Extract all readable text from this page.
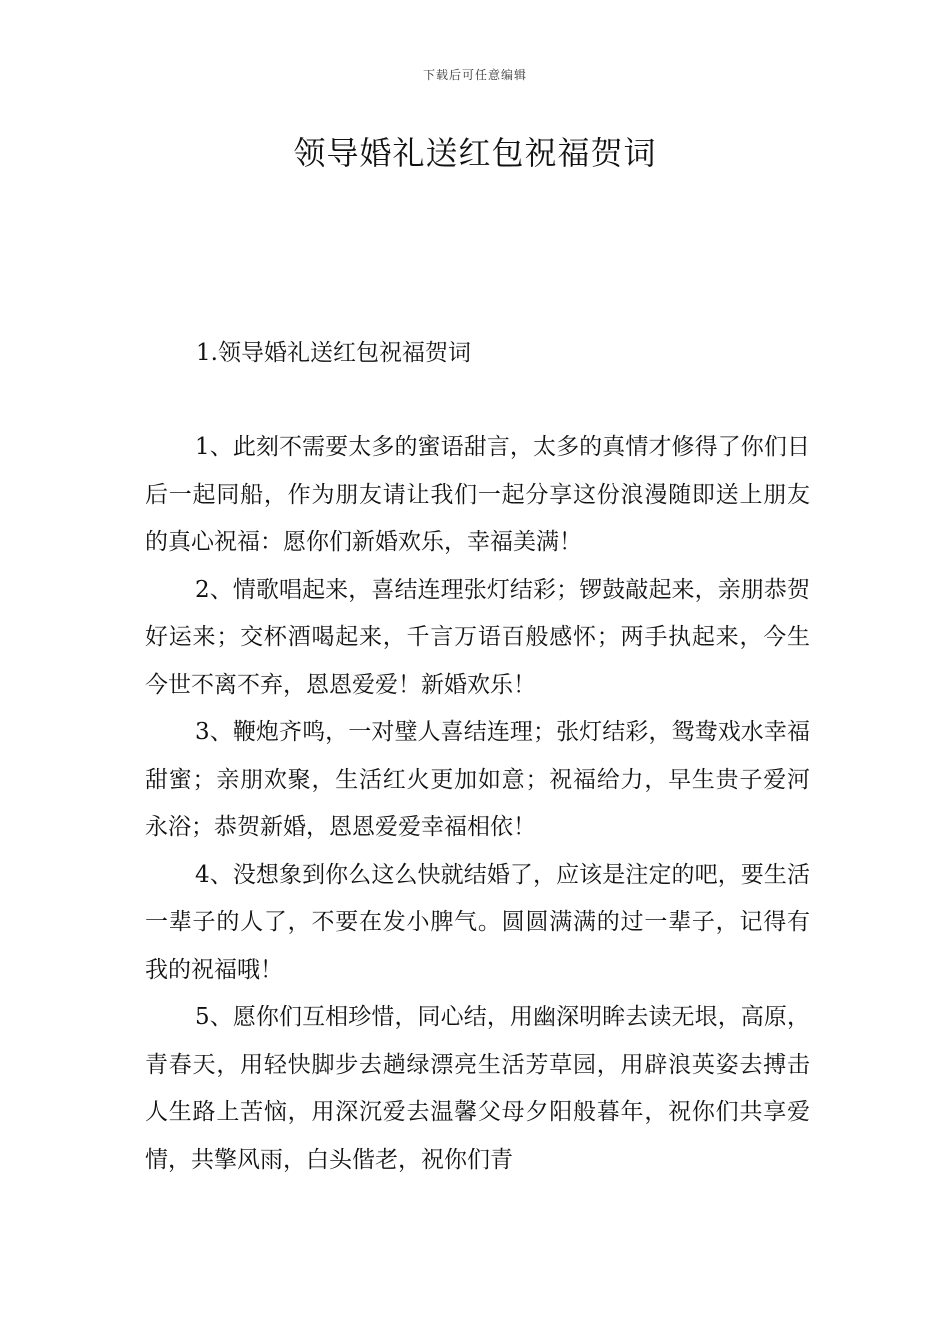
下载后可任意编辑
领导婚礼送红包祝福贺词
1.领导婚礼送红包祝福贺词

1、此刻不需要太多的蜜语甜言，太多的真情才修得了你们日后一起同船，作为朋友请让我们一起分享这份浪漫随即送上朋友的真心祝福：愿你们新婚欢乐，幸福美满！

2、情歌唱起来，喜结连理张灯结彩；锣鼓敲起来，亲朋恭贺好运来；交杯酒喝起来，千言万语百般感怀；两手执起来，今生今世不离不弃，恩恩爱爱！新婚欢乐！

3、鞭炮齐鸣，一对璧人喜结连理；张灯结彩，鸳鸯戏水幸福甜蜜；亲朋欢聚，生活红火更加如意；祝福给力，早生贵子爱河永浴；恭贺新婚，恩恩爱爱幸福相依！

4、没想象到你么这么快就结婚了，应该是注定的吧，要生活一辈子的人了，不要在发小脾气。圆圆满满的过一辈子，记得有我的祝福哦！

5、愿你们互相珍惜，同心结，用幽深明眸去读无垠，高原，青春天，用轻快脚步去趟绿漂亮生活芳草园，用辟浪英姿去搏击人生路上苦恼，用深沉爱去温馨父母夕阳般暮年，祝你们共享爱情，共擎风雨，白头偕老，祝你们青
